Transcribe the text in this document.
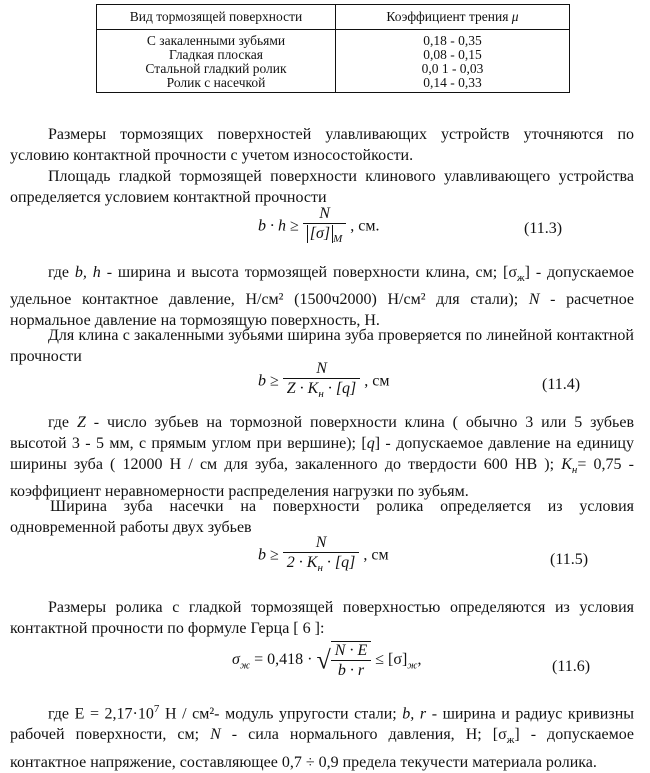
Вид тормозящей поверхности	Коэффициент трения μ
С закаленными зубьями	0,18 - 0,35
Гладкая плоская	0,08 - 0,15
Стальной гладкий ролик	0,0 1 - 0,03
Ролик с насечкой	0,14 - 0,33
Размеры тормозящих поверхностей улавливающих устройств уточняются по условию контактной прочности с учетом износостойкости.
Площадь гладкой тормозящей поверхности клинового улавливающего устройства определяется условием контактной прочности
$b \cdot h \ge \frac{N}{[\sigma] _M}$ , см.	(11.3)
где b, h - ширина и высота тормозящей поверхности клина, см; $[\sigma_ж]$ - допускаемое удельное контактное давление, Н/см² (1500ч2000) Н/см² для стали); N - расчетное нормальное давление на тормозящую поверхность, Н.
Для клина с закаленными зубьями ширина зуба проверяется по линейной контактной прочности
$b \ge \frac{N}{Z \cdot K_н \cdot [q]}$ , см	(11.4)
где Z - число зубьев на тормозной поверхности клина ( обычно 3 или 5 зубьев высотой 3 - 5 мм, с прямым углом при вершине); [q] - допускаемое давление на единицу ширины зуба ( 12000 Н / см для зуба, закаленного до твердости 600 НВ ); $K_н= 0,75$ - коэффициент неравномерности распределения нагрузки по зубьям.
Ширина зуба насечки на поверхности ролика определяется из условия одновременной работы двух зубьев
$b \ge \frac{N}{2 \cdot K_н \cdot [q]}$ , см	(11.5)
Размеры ролика с гладкой тормозящей поверхностью определяются из условия контактной прочности по формуле Герца [ 6 ]:
$\sigma_ж = 0,418$ · √ $\frac{N \cdot E}{b \cdot r} \le [\sigma]_ж$,	(11.6)
где $Е = 2,17\cdot 10^7$ Н / см²- модуль упругости стали; b, r - ширина и радиус кривизны рабочей поверхности, см; N - сила нормального давления, Н; $[\sigma_ж]$ - допускаемое контактное напряжение, составляющее 0,7 ÷ 0,9 предела текучести материала ролика.
